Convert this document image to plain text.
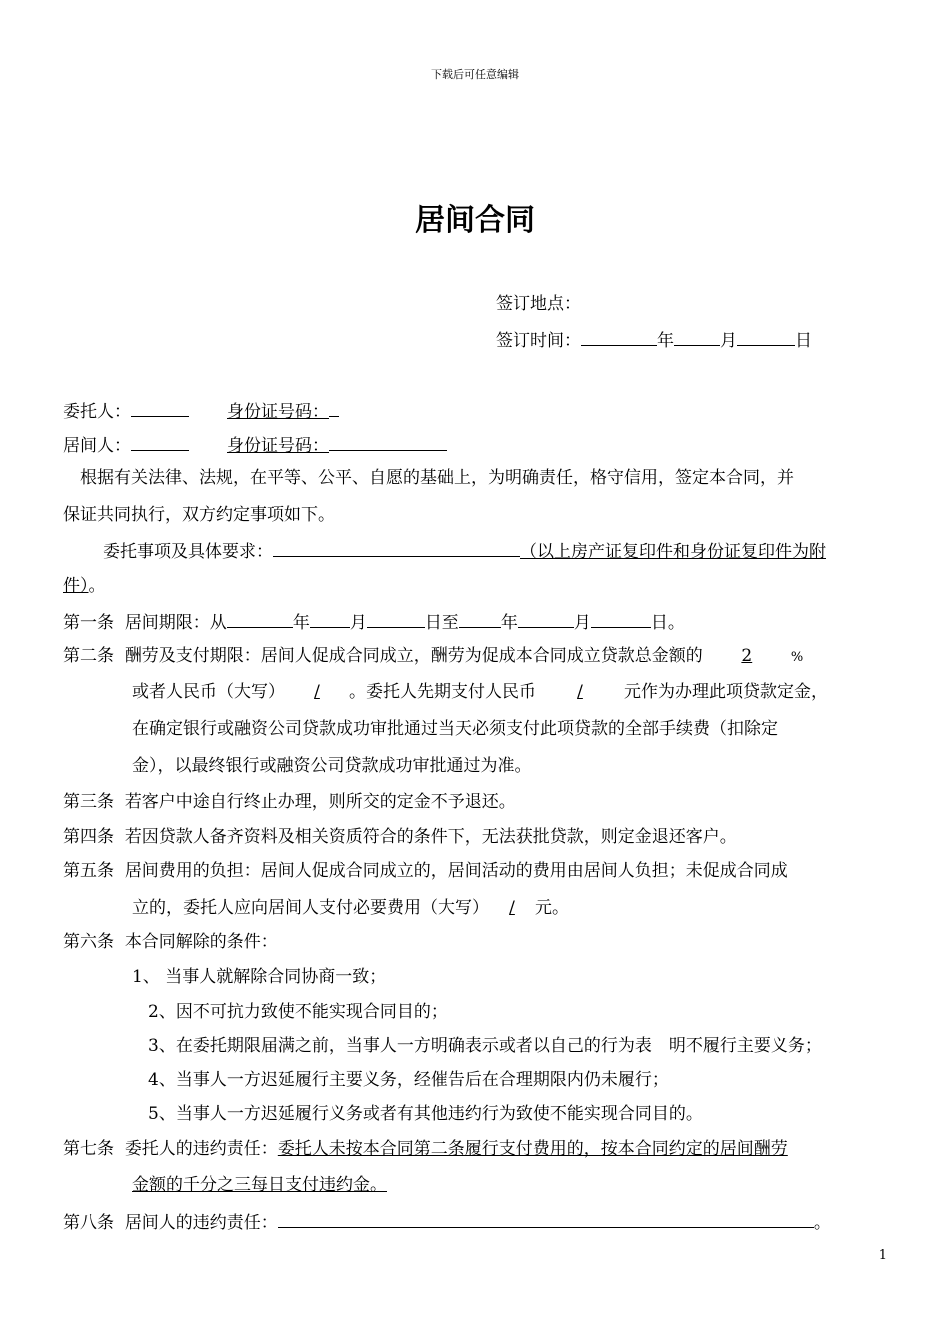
下载后可任意编辑
居间合同
签订地点：
签订时间：	年	月	日
委托人：	身份证号码：
居间人：	身份证号码：
根据有关法律、法规，在平等、公平、自愿的基础上，为明确责任，格守信用，签定本合同，并
保证共同执行，双方约定事项如下。
委托事项及具体要求：	（以上房产证复印件和身份证复印件为附
件）。
第一条 居间期限：从	年 月	日至 年	月	日。
第二条 酬劳及支付期限：居间人促成合同成立，酬劳为促成本合同成立贷款总金额的 2	%
或者人民币（大写） / 。委托人先期支付人民币 / 元作为办理此项贷款定金，
在确定银行或融资公司贷款成功审批通过当天必须支付此项贷款的全部手续费（扣除定
金），以最终银行或融资公司贷款成功审批通过为准。
第三条 若客户中途自行终止办理，则所交的定金不予退还。
第四条 若因贷款人备齐资料及相关资质符合的条件下，无法获批贷款，则定金退还客户。
第五条 居间费用的负担：居间人促成合同成立的，居间活动的费用由居间人负担；未促成合同成
立的，委托人应向居间人支付必要费用（大写） / 元。
第六条 本合同解除的条件：
1、 当事人就解除合同协商一致；
2、因不可抗力致使不能实现合同目的；
3、在委托期限届满之前，当事人一方明确表示或者以自己的行为表　明不履行主要义务；
4、当事人一方迟延履行主要义务，经催告后在合理期限内仍未履行；
5、当事人一方迟延履行义务或者有其他违约行为致使不能实现合同目的。
第七条 委托人的违约责任：委托人未按本合同第二条履行支付费用的，按本合同约定的居间酬劳
金额的千分之三每日支付违约金。
第八条 居间人的违约责任：	。
1
